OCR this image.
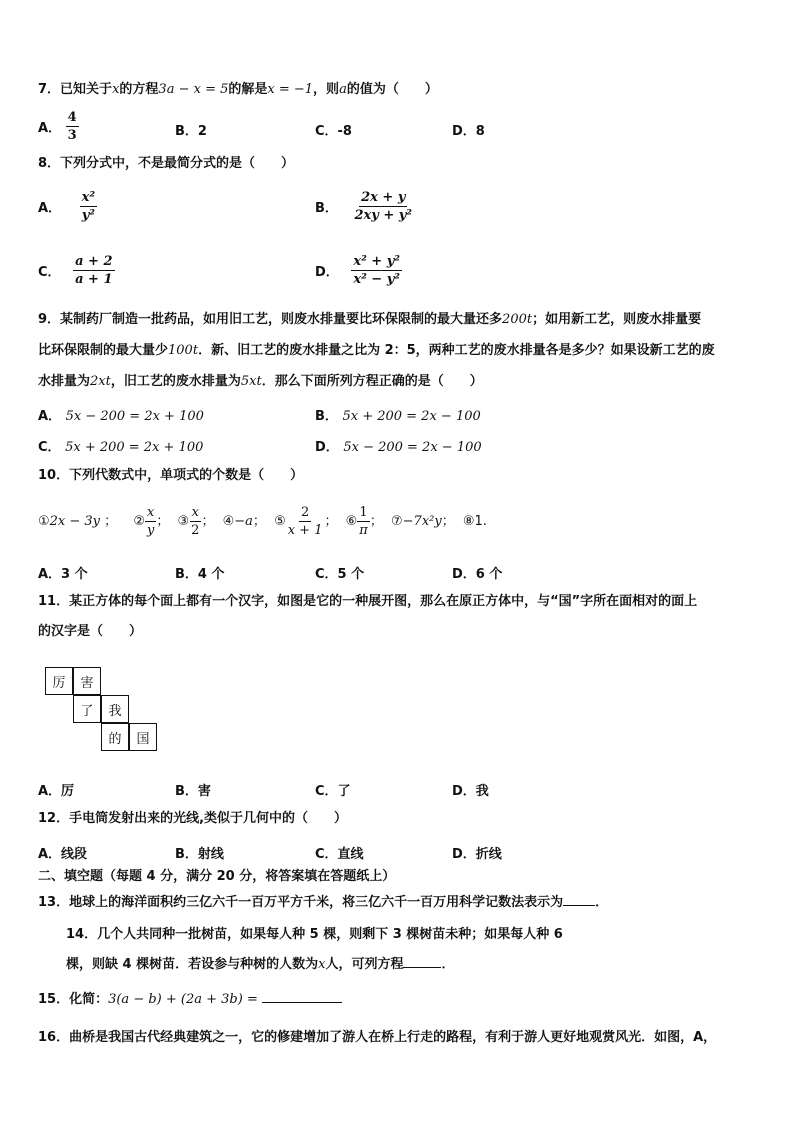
7．已知关于x的方程3a − x = 5的解是x = −1，则a的值为（　　）
A． $\frac{4}{3}$	B．2	C．-8	D．8
8．下列分式中，不是最简分式的是（　　）
A． $\frac{\text{x²}}{\text{y²}}$	B． $\frac{2x + y}{\text{2xy + y²}}$
C． $\frac{a + 2}{a + 1}$	D． $\frac{\text{x² + y²}}{\text{x² − y²}}$
9．某制药厂制造一批药品，如用旧工艺，则废水排量要比环保限制的最大量还多200t；如用新工艺，则废水排量要
比环保限制的最大量少100t．新、旧工艺的废水排量之比为 2：5，两种工艺的废水排量各是多少？如果设新工艺的废
水排量为2xt，旧工艺的废水排量为5xt．那么下面所列方程正确的是（　　）
A． 5x − 200 = 2x + 100	B． 5x + 200 = 2x − 100
C． 5x + 200 = 2x + 100	D． 5x − 200 = 2x − 100
10．下列代数式中，单项式的个数是（　　）
①2x − 3y ； ② $\frac{x}{y}$ ； ③ $\frac{x}{2}$ ； ④−a； ⑤ $\frac{2}{x + 1}$ ； ⑥ $\frac{1}{\pi}$ ； ⑦−7x²y； ⑧1.
A．3 个	B．4 个	C．5 个	D．6 个
11．某正方体的每个面上都有一个汉字，如图是它的一种展开图，那么在原正方体中，与“国”字所在面相对的面上
的汉字是（　　）
厉	害
了	我
的	国
A．厉	B．害	C．了	D．我
12．手电筒发射出来的光线,类似于几何中的（　　）
A．线段	B．射线	C．直线	D．折线
二、填空题（每题 4 分，满分 20 分，将答案填在答题纸上）
13．地球上的海洋面积约三亿六千一百万平方千米，将三亿六千一百万用科学记数法表示为 ．
14．几个人共同种一批树苗，如果每人种 5 棵，则剩下 3 棵树苗未种；如果每人种 6
棵，则缺 4 棵树苗．若设参与种树的人数为x人，可列方程	．
15．化简：3(a − b) + (2a + 3b) =
16．曲桥是我国古代经典建筑之一，它的修建增加了游人在桥上行走的路程，有利于游人更好地观赏风光．如图，A，
